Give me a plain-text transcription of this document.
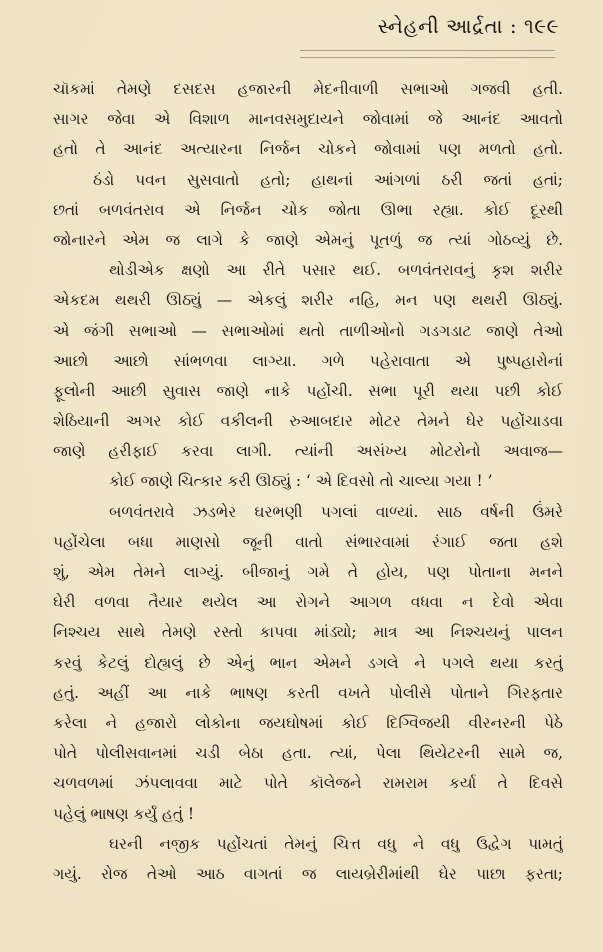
સ્નેહની આર્દ્રતા : ૧૯૯
ચૉકમાં તેમણે દસદસ હજારની મેદનીવાળી સભાઓ ગજવી હતી.
સાગર જેવા એ વિશાળ માનવસમુદાયને જોવામાં જે આનંદ આવતો
હતો તે આનંદ અત્યારના નિર્જન ચોકને જોવામાં પણ મળતો હતો.
ઠંડો પવન સુસવાતો હતો; હાથનાં આંગળાં ઠરી જતાં હતાં;
છતાં બળવંતરાવ એ નિર્જન ચોક જોતા ઊભા રહ્યા. કોઈ દૂરથી
જોનારને એમ જ લાગે કે જાણે એમનું પૂતળું જ ત્યાં ગોઠવ્યું છે.
થોડીએક ક્ષણો આ રીતે પસાર થઈ. બળવંતરાવનું કૃશ શરીર
એકદમ થથરી ઊઠ્યું — એકલું શરીર નહિ, મન પણ થથરી ઊઠ્યું.
એ જંગી સભાઓ — સભાઓમાં થતો તાળીઓનો ગડગડાટ જાણે તેઓ
આછો આછો સાંભળવા લાગ્યા. ગળે પહેરાવાતા એ પુષ્પહારોનાં
ફૂલોની આછી સુવાસ જાણે નાકે પહોંચી. સભા પૂરી થયા પછી કોઈ
શેઠિયાની અગર કોઈ વકીલની રુઆબદાર મોટર તેમને ઘેર પહોંચાડવા
જાણે હરીફાઈ કરવા લાગી. ત્યાંની અસંખ્ય મોટરોનો અવાજ—
કોઈ જાણે ચિત્કાર કરી ઊઠ્યું : ‘ એ દિવસો તો ચાલ્યા ગયા ! ’
બળવંતરાવે ઝડભેર ઘરભણી પગલાં વાળ્યાં. સાઠ વર્ષની ઉંમરે
પહોંચેલા બધા માણસો જૂની વાતો સંભારવામાં રંગાઈ જતા હશે
શું, એમ તેમને લાગ્યું. બીજાનું ગમે તે હોય, પણ પોતાના મનને
ઘેરી વળવા તૈયાર થયેલ આ રોગને આગળ વધવા ન દેવો એવા
નિશ્ચય સાથે તેમણે રસ્તો કાપવા માંડ્યો; માત્ર આ નિશ્ચયનું પાલન
કરવું કેટલું દોહ્યલું છે એનું ભાન એમને ડગલે ને પગલે થયા કરતું
હતું. અહીં આ નાકે ભાષણ કરતી વખતે પોલીસે પોતાને ગિરફતાર
કરેલા ને હજારો લોકોના જયઘોષમાં કોઈ દિગ્વિજયી વીરનરની પેઠે
પોતે પોલીસવાનમાં ચડી બેઠા હતા. ત્યાં, પેલા થિયેટરની સામે જ,
ચળવળમાં ઝંપલાવવા માટે પોતે કૉલેજને રામરામ કર્યા તે દિવસે
પહેલું ભાષણ કર્યું હતું !
ઘરની નજીક પહોંચતાં તેમનું ચિત્ત વધુ ને વધુ ઉદ્વેગ પામતું
ગયું. રોજ તેઓ આઠ વાગતાં જ લાયબ્રેરીમાંથી ઘેર પાછા ફરતા;
